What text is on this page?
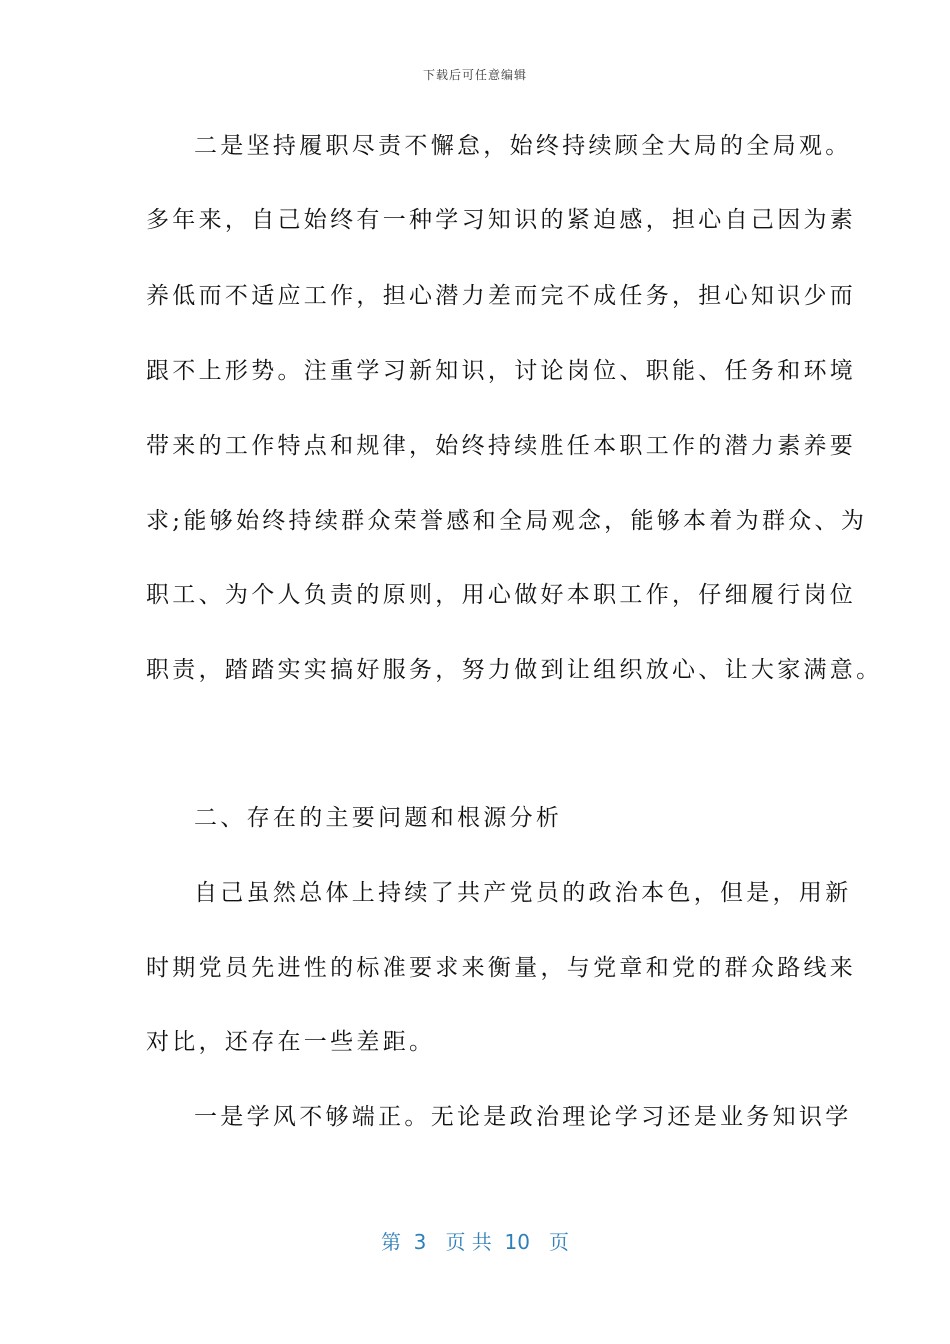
下载后可任意编辑
二是坚持履职尽责不懈怠，始终持续顾全大局的全局观。
多年来，自己始终有一种学习知识的紧迫感，担心自己因为素
养低而不适应工作，担心潜力差而完不成任务，担心知识少而
跟不上形势。注重学习新知识，讨论岗位、职能、任务和环境
带来的工作特点和规律，始终持续胜任本职工作的潜力素养要
求;能够始终持续群众荣誉感和全局观念，能够本着为群众、为
职工、为个人负责的原则，用心做好本职工作，仔细履行岗位
职责，踏踏实实搞好服务，努力做到让组织放心、让大家满意。
二、存在的主要问题和根源分析
自己虽然总体上持续了共产党员的政治本色，但是，用新
时期党员先进性的标准要求来衡量，与党章和党的群众路线来
对比，还存在一些差距。
一是学风不够端正。无论是政治理论学习还是业务知识学
第  3   页 共  10   页
